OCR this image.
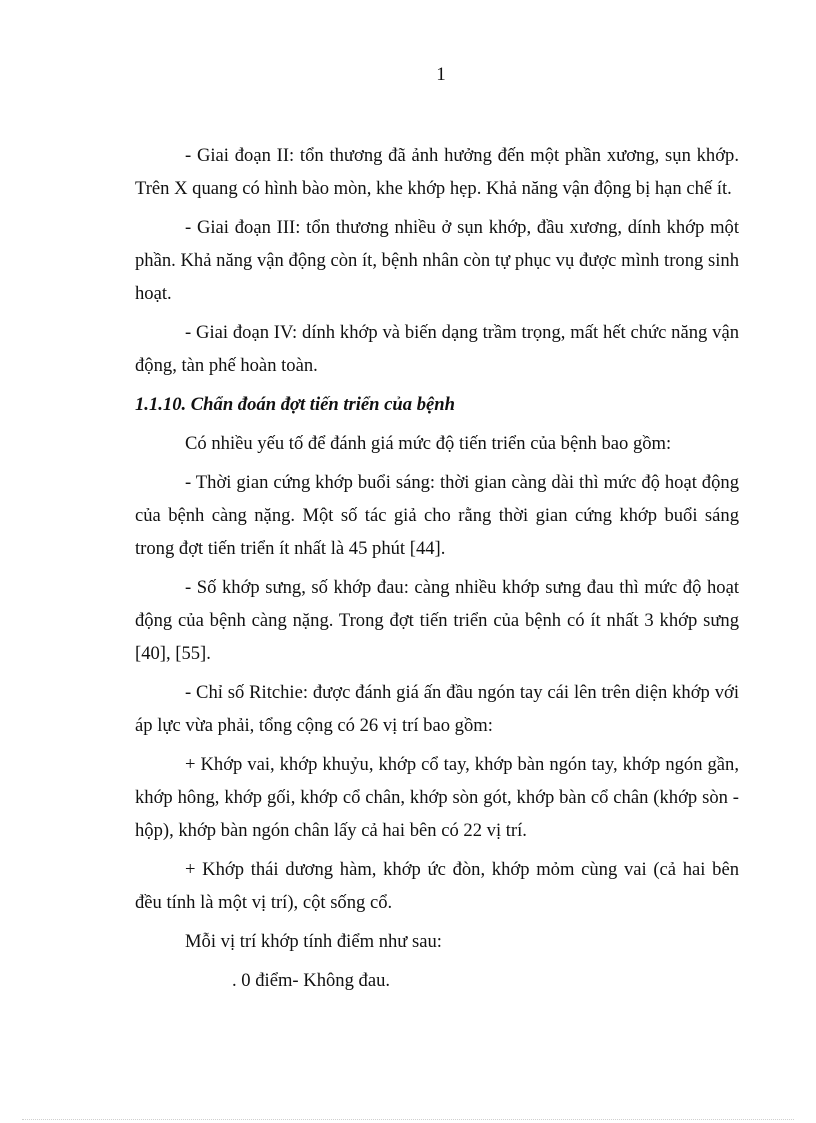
1

- Giai đoạn II: tổn thương đã ảnh hưởng đến một phần xương, sụn khớp. Trên X quang có hình bào mòn, khe khớp hẹp. Khả năng vận động bị hạn chế ít.

- Giai đoạn III: tổn thương nhiều ở sụn khớp, đầu xương, dính khớp một phần. Khả năng vận động còn ít, bệnh nhân còn tự phục vụ được mình trong sinh hoạt.

- Giai đoạn IV: dính khớp và biến dạng trầm trọng, mất hết chức năng vận động, tàn phế hoàn toàn.

1.1.10. Chẩn đoán đợt tiến triển của bệnh

Có nhiều yếu tố để đánh giá mức độ tiến triển của bệnh bao gồm:

- Thời gian cứng khớp buổi sáng: thời gian càng dài thì mức độ hoạt động của bệnh càng nặng. Một số tác giả cho rằng thời gian cứng khớp buổi sáng trong đợt tiến triển ít nhất là 45 phút [44].

- Số khớp sưng, số khớp đau: càng nhiều khớp sưng đau thì mức độ hoạt động của bệnh càng nặng. Trong đợt tiến triển của bệnh có ít nhất 3 khớp sưng [40], [55].

- Chỉ số Ritchie: được đánh giá ấn đầu ngón tay cái lên trên diện khớp với áp lực vừa phải, tổng cộng có 26 vị trí bao gồm:

+ Khớp vai, khớp khuỷu, khớp cổ tay, khớp bàn ngón tay, khớp ngón gần, khớp hông, khớp gối, khớp cổ chân, khớp sòn gót, khớp bàn cổ chân (khớp sòn - hộp), khớp bàn ngón chân lấy cả hai bên có 22 vị trí.

+ Khớp thái dương hàm, khớp ức đòn, khớp mỏm cùng vai (cả hai bên đều tính là một vị trí), cột sống cổ.

Mỗi vị trí khớp tính điểm như sau:

. 0 điểm- Không đau.
